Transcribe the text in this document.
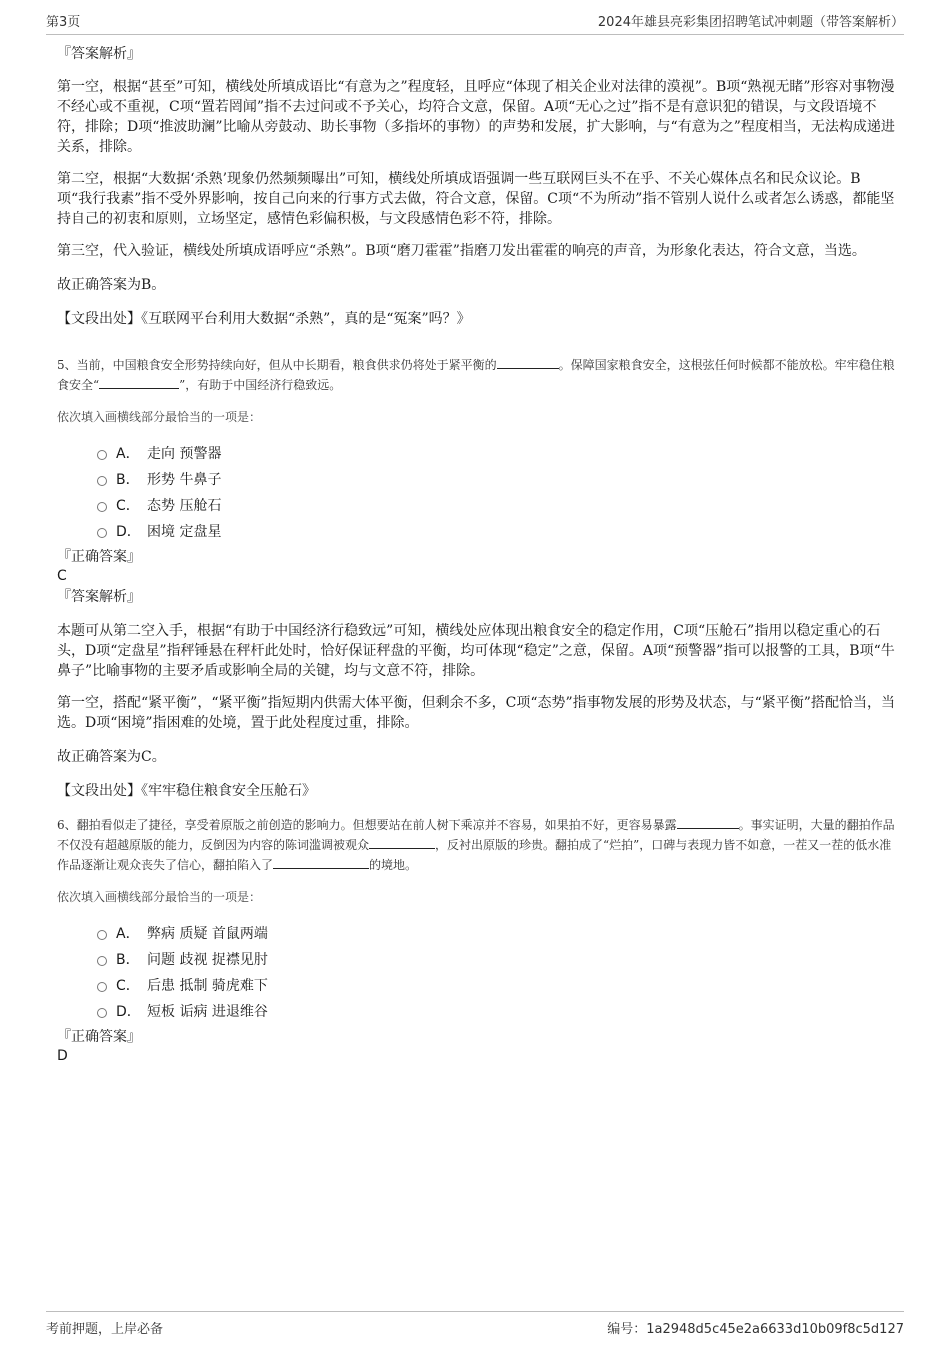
第3页	2024年雄县亮彩集团招聘笔试冲刺题（带答案解析）

『答案解析』

第一空，根据“甚至”可知，横线处所填成语比“有意为之”程度轻，且呼应“体现了相关企业对法律的漠视”。B项“熟视无睹”形容对事物漫不经心或不重视，C项“置若罔闻”指不去过问或不予关心，均符合文意，保留。A项“无心之过”指不是有意识犯的错误，与文段语境不符，排除；D项“推波助澜”比喻从旁鼓动、助长事物（多指坏的事物）的声势和发展，扩大影响，与“有意为之”程度相当，无法构成递进关系，排除。

第二空，根据“大数据‘杀熟’现象仍然频频曝出”可知，横线处所填成语强调一些互联网巨头不在乎、不关心媒体点名和民众议论。B项“我行我素”指不受外界影响，按自己向来的行事方式去做，符合文意，保留。C项“不为所动”指不管别人说什么或者怎么诱惑，都能坚持自己的初衷和原则，立场坚定，感情色彩偏积极，与文段感情色彩不符，排除。

第三空，代入验证，横线处所填成语呼应“杀熟”。B项“磨刀霍霍”指磨刀发出霍霍的响亮的声音，为形象化表达，符合文意，当选。

故正确答案为B。

【文段出处】《互联网平台利用大数据“杀熟”，真的是“冤案”吗？》

5、当前，中国粮食安全形势持续向好，但从中长期看，粮食供求仍将处于紧平衡的	。保障国家粮食安全，这根弦任何时候都不能放松。牢牢稳住粮食安全“	”，有助于中国经济行稳致远。

依次填入画横线部分最恰当的一项是：

A． 走向 预警器
B． 形势 牛鼻子
C． 态势 压舱石
D． 困境 定盘星

『正确答案』

C

『答案解析』

本题可从第二空入手，根据“有助于中国经济行稳致远”可知，横线处应体现出粮食安全的稳定作用，C项“压舱石”指用以稳定重心的石头，D项“定盘星”指秤锤悬在秤杆此处时，恰好保证秤盘的平衡，均可体现“稳定”之意，保留。A项“预警器”指可以报警的工具，B项“牛鼻子”比喻事物的主要矛盾或影响全局的关键，均与文意不符，排除。

第一空，搭配“紧平衡”，“紧平衡”指短期内供需大体平衡，但剩余不多，C项“态势”指事物发展的形势及状态，与“紧平衡”搭配恰当，当选。D项“困境”指困难的处境，置于此处程度过重，排除。

故正确答案为C。

【文段出处】《牢牢稳住粮食安全压舱石》

6、翻拍看似走了捷径，享受着原版之前创造的影响力。但想要站在前人树下乘凉并不容易，如果拍不好，更容易暴露	。事实证明，大量的翻拍作品不仅没有超越原版的能力，反倒因为内容的陈词滥调被观众	，反衬出原版的珍贵。翻拍成了“烂拍”，口碑与表现力皆不如意，一茬又一茬的低水准作品逐渐让观众丧失了信心，翻拍陷入了	的境地。

依次填入画横线部分最恰当的一项是：

A． 弊病 质疑 首鼠两端
B． 问题 歧视 捉襟见肘
C． 后患 抵制 骑虎难下
D． 短板 诟病 进退维谷

『正确答案』

D

考前押题，上岸必备	编号：1a2948d5c45e2a6633d10b09f8c5d127
